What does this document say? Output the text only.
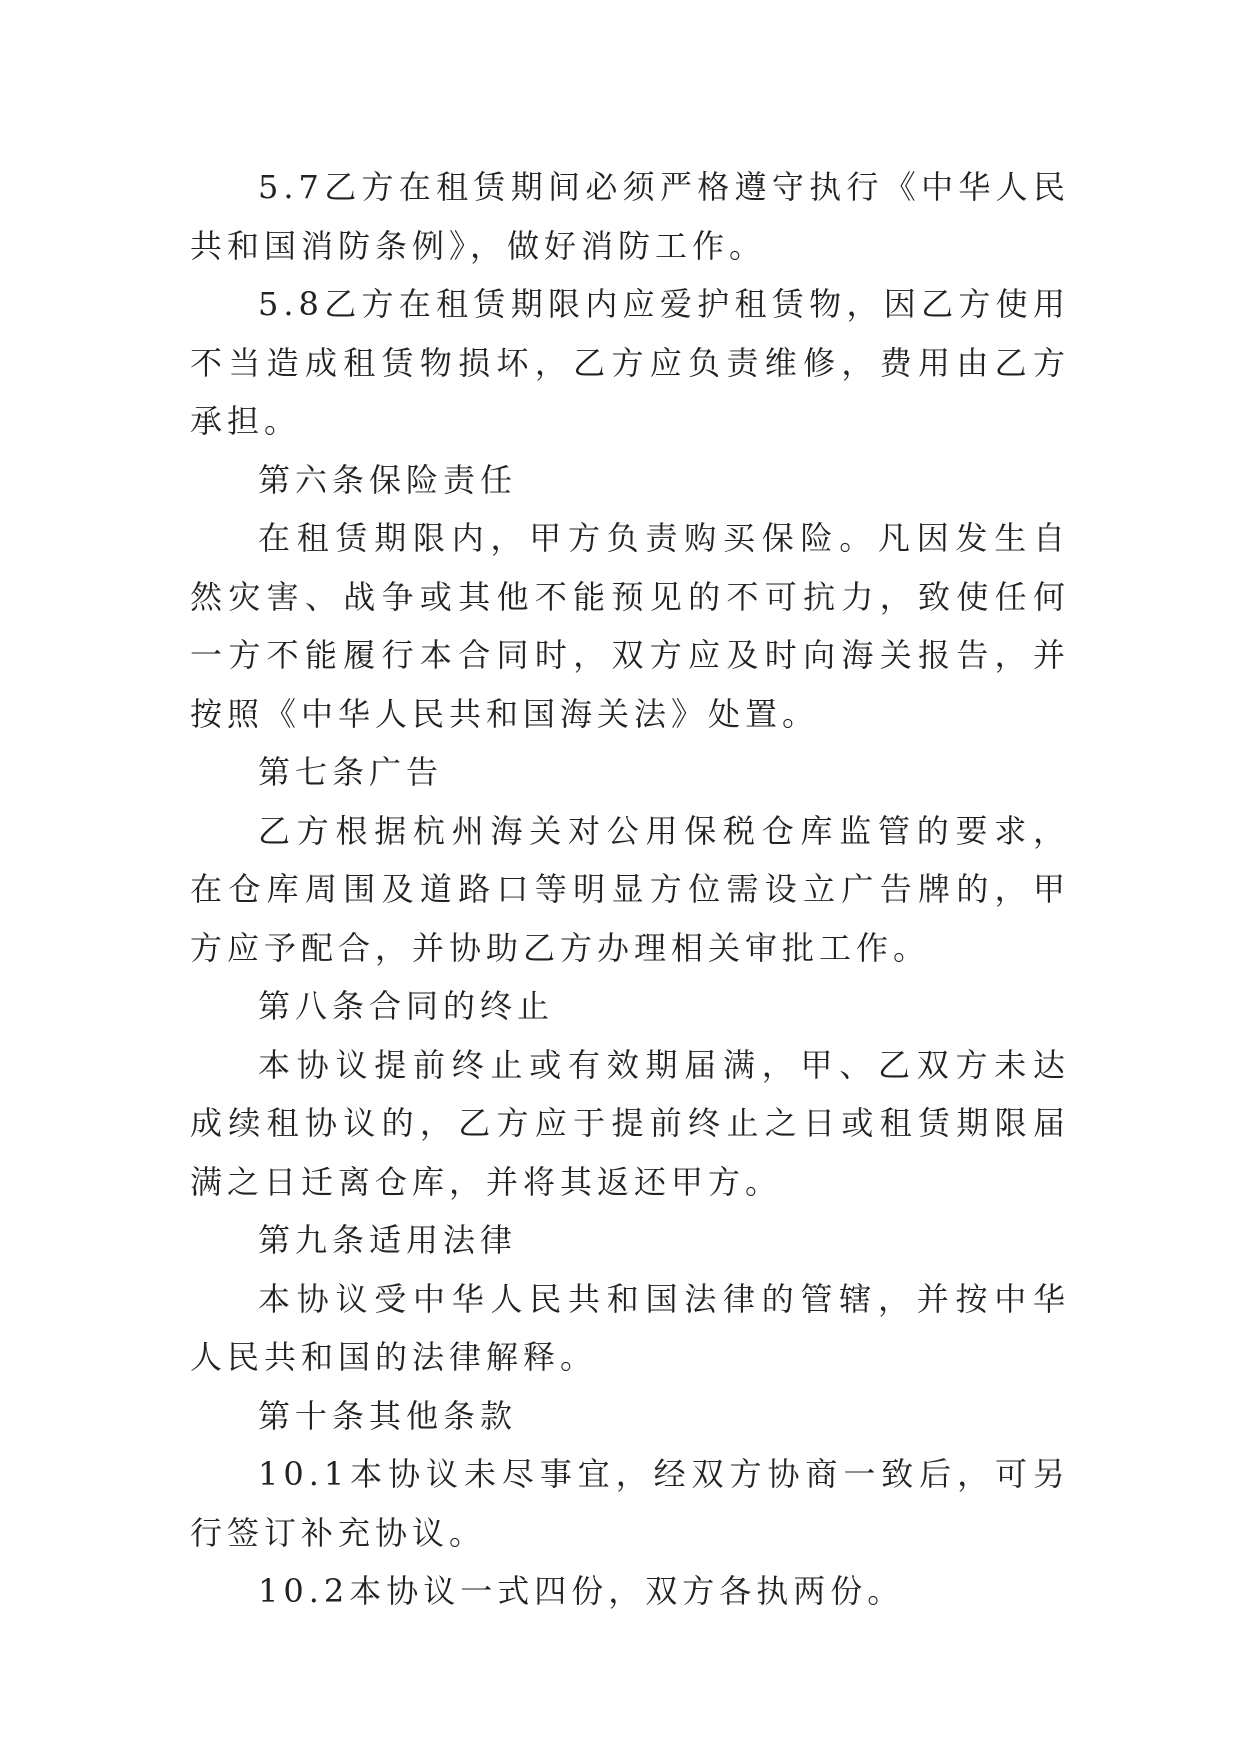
5.7乙方在租赁期间必须严格遵守执行《中华人民共和国消防条例》，做好消防工作。

5.8乙方在租赁期限内应爱护租赁物，因乙方使用不当造成租赁物损坏，乙方应负责维修，费用由乙方承担。

第六条保险责任

在租赁期限内，甲方负责购买保险。凡因发生自然灾害、战争或其他不能预见的不可抗力，致使任何一方不能履行本合同时，双方应及时向海关报告，并按照《中华人民共和国海关法》处置。

第七条广告

乙方根据杭州海关对公用保税仓库监管的要求，在仓库周围及道路口等明显方位需设立广告牌的，甲方应予配合，并协助乙方办理相关审批工作。

第八条合同的终止

本协议提前终止或有效期届满，甲、乙双方未达成续租协议的，乙方应于提前终止之日或租赁期限届满之日迁离仓库，并将其返还甲方。

第九条适用法律

本协议受中华人民共和国法律的管辖，并按中华人民共和国的法律解释。

第十条其他条款

10.1本协议未尽事宜，经双方协商一致后，可另行签订补充协议。

10.2本协议一式四份，双方各执两份。
